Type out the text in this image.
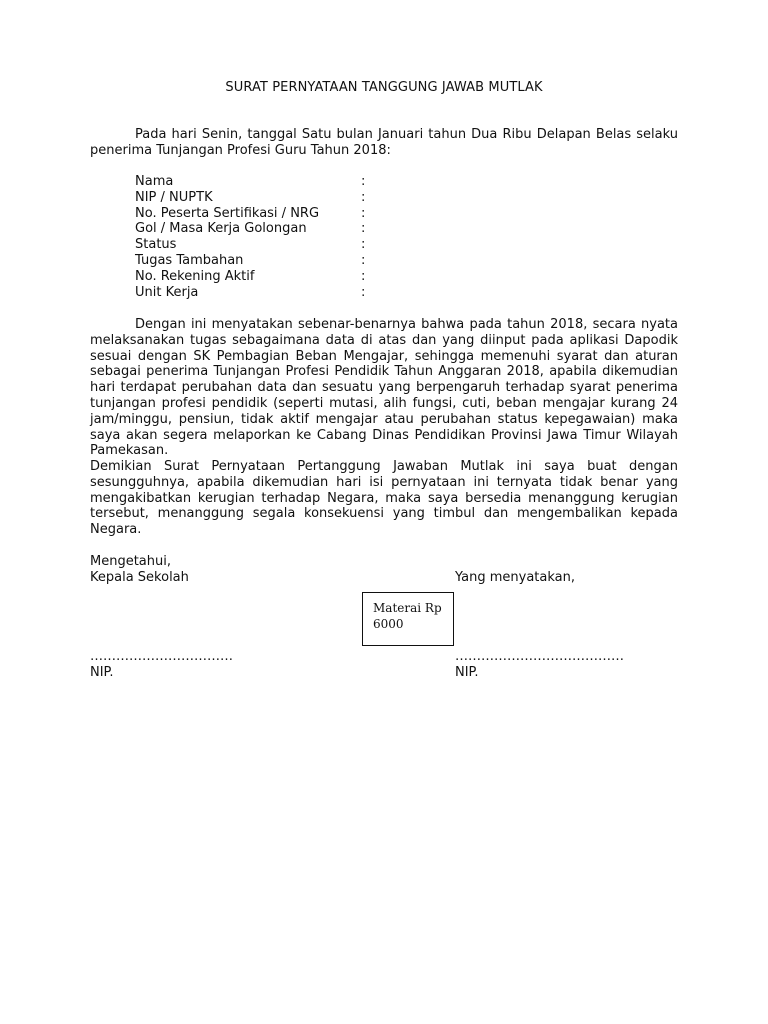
SURAT PERNYATAAN TANGGUNG JAWAB MUTLAK
Pada hari Senin, tanggal Satu bulan Januari tahun Dua Ribu Delapan Belas selaku penerima Tunjangan Profesi Guru Tahun 2018:
Nama	:
NIP / NUPTK	:
No. Peserta Sertifikasi / NRG	:
Gol / Masa Kerja Golongan	:
Status	:
Tugas Tambahan	:
No. Rekening Aktif	:
Unit Kerja	:
Dengan ini menyatakan sebenar-benarnya bahwa pada tahun 2018, secara nyata melaksanakan tugas sebagaimana data di atas dan yang diinput pada aplikasi Dapodik sesuai dengan SK Pembagian Beban Mengajar, sehingga memenuhi syarat dan aturan sebagai penerima Tunjangan Profesi Pendidik Tahun Anggaran 2018, apabila dikemudian hari terdapat perubahan data dan sesuatu yang berpengaruh terhadap syarat penerima tunjangan profesi pendidik (seperti mutasi, alih fungsi, cuti, beban mengajar kurang 24 jam/minggu, pensiun, tidak aktif mengajar atau perubahan status kepegawaian) maka saya akan segera melaporkan ke Cabang Dinas Pendidikan Provinsi Jawa Timur Wilayah Pamekasan.
Demikian Surat Pernyataan Pertanggung Jawaban Mutlak ini saya buat dengan sesungguhnya, apabila dikemudian hari isi pernyataan ini ternyata tidak benar yang mengakibatkan kerugian terhadap Negara, maka saya bersedia menanggung kerugian tersebut, menanggung segala konsekuensi yang timbul dan mengembalikan kepada Negara.
Mengetahui,
Kepala Sekolah	Yang menyatakan,
Materai Rp
6000
……………………………	…………………………………
NIP.	NIP.
